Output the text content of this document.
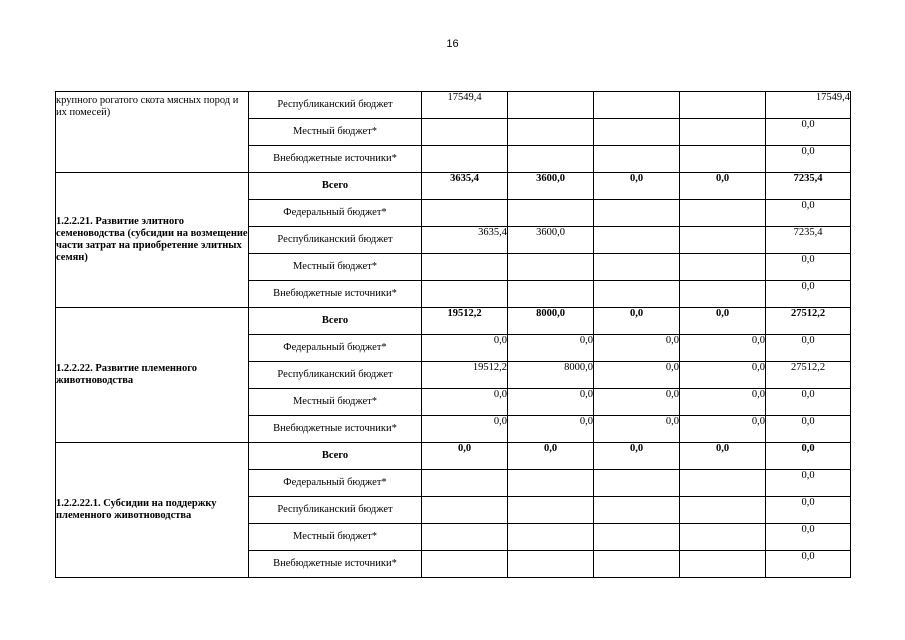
16
крупного рогатого скота мясных пород и их помесей)	Республиканский бюджет	17549,4				17549,4
	Местный бюджет*					0,0
	Внебюджетные источники*					0,0
1.2.2.21. Развитие элитного семеноводства (субсидии на возмещение части затрат на приобретение элитных семян)	Всего	3635,4	3600,0	0,0	0,0	7235,4
	Федеральный бюджет*					0,0
	Республиканский бюджет	3635,4	3600,0			7235,4
	Местный бюджет*					0,0
	Внебюджетные источники*					0,0
1.2.2.22. Развитие племенного животноводства	Всего	19512,2	8000,0	0,0	0,0	27512,2
	Федеральный бюджет*	0,0	0,0	0,0	0,0	0,0
	Республиканский бюджет	19512,2	8000,0	0,0	0,0	27512,2
	Местный бюджет*	0,0	0,0	0,0	0,0	0,0
	Внебюджетные источники*	0,0	0,0	0,0	0,0	0,0
1.2.2.22.1. Субсидии на поддержку племенного животноводства	Всего	0,0	0,0	0,0	0,0	0,0
	Федеральный бюджет*					0,0
	Республиканский бюджет					0,0
	Местный бюджет*					0,0
	Внебюджетные источники*					0,0
